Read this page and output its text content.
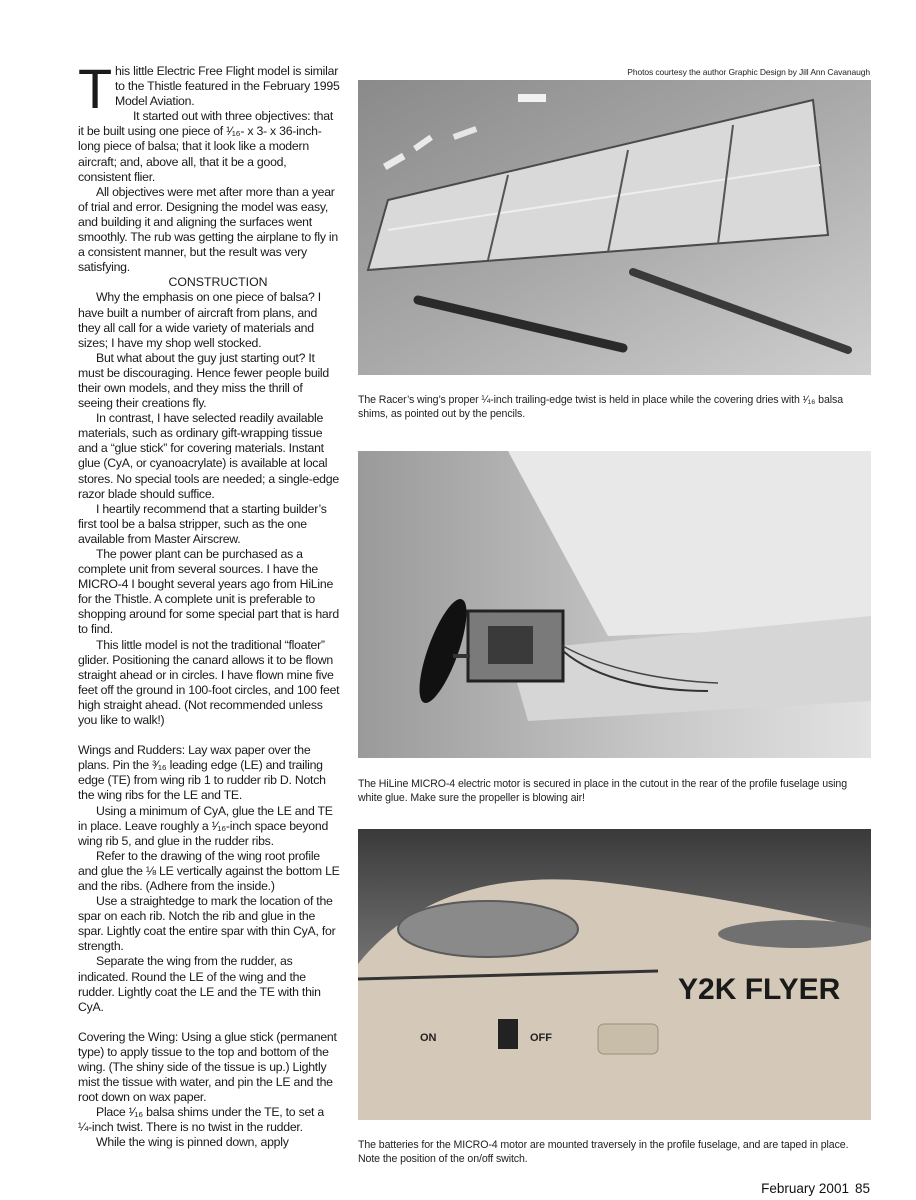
Photos courtesy the author Graphic Design by Jill Ann Cavanaugh

This little Electric Free Flight model is similar to the Thistle featured in the February 1995 Model Aviation.

It started out with three objectives: that it be built using one piece of ¹⁄₁₆- x 3- x 36-inch-long piece of balsa; that it look like a modern aircraft; and, above all, that it be a good, consistent flier.

All objectives were met after more than a year of trial and error. Designing the model was easy, and building it and aligning the surfaces went smoothly. The rub was getting the airplane to fly in a consistent manner, but the result was very satisfying.

CONSTRUCTION

Why the emphasis on one piece of balsa? I have built a number of aircraft from plans, and they all call for a wide variety of materials and sizes; I have my shop well stocked.

But what about the guy just starting out? It must be discouraging. Hence fewer people build their own models, and they miss the thrill of seeing their creations fly.

In contrast, I have selected readily available materials, such as ordinary gift-wrapping tissue and a “glue stick” for covering materials. Instant glue (CyA, or cyanoacrylate) is available at local stores. No special tools are needed; a single-edge razor blade should suffice.

I heartily recommend that a starting builder’s first tool be a balsa stripper, such as the one available from Master Airscrew.

The power plant can be purchased as a complete unit from several sources. I have the MICRO-4 I bought several years ago from HiLine for the Thistle. A complete unit is preferable to shopping around for some special part that is hard to find.

This little model is not the traditional “floater” glider. Positioning the canard allows it to be flown straight ahead or in circles. I have flown mine five feet off the ground in 100-foot circles, and 100 feet high straight ahead. (Not recommended unless you like to walk!)

Wings and Rudders: Lay wax paper over the plans. Pin the ³⁄₁₆ leading edge (LE) and trailing edge (TE) from wing rib 1 to rudder rib D. Notch the wing ribs for the LE and TE.

Using a minimum of CyA, glue the LE and TE in place. Leave roughly a ¹⁄₁₆-inch space beyond wing rib 5, and glue in the rudder ribs.

Refer to the drawing of the wing root profile and glue the ⅛ LE vertically against the bottom LE and the ribs. (Adhere from the inside.)

Use a straightedge to mark the location of the spar on each rib. Notch the rib and glue in the spar. Lightly coat the entire spar with thin CyA, for strength.

Separate the wing from the rudder, as indicated. Round the LE of the wing and the rudder. Lightly coat the LE and the TE with thin CyA.

Covering the Wing: Using a glue stick (permanent type) to apply tissue to the top and bottom of the wing. (The shiny side of the tissue is up.) Lightly mist the tissue with water, and pin the LE and the root down on wax paper.

Place ¹⁄₁₆ balsa shims under the TE, to set a ¼-inch twist. There is no twist in the rudder.

While the wing is pinned down, apply

The Racer’s wing’s proper ¼-inch trailing-edge twist is held in place while the covering dries with ¹⁄₁₆ balsa shims, as pointed out by the pencils.
The HiLine MICRO-4 electric motor is secured in place in the cutout in the rear of the profile fuselage using white glue. Make sure the propeller is blowing air!
Y2K FLYER
ON	OFF
The batteries for the MICRO-4 motor are mounted traversely in the profile fuselage, and are taped in place. Note the position of the on/off switch.
February 2001 85
